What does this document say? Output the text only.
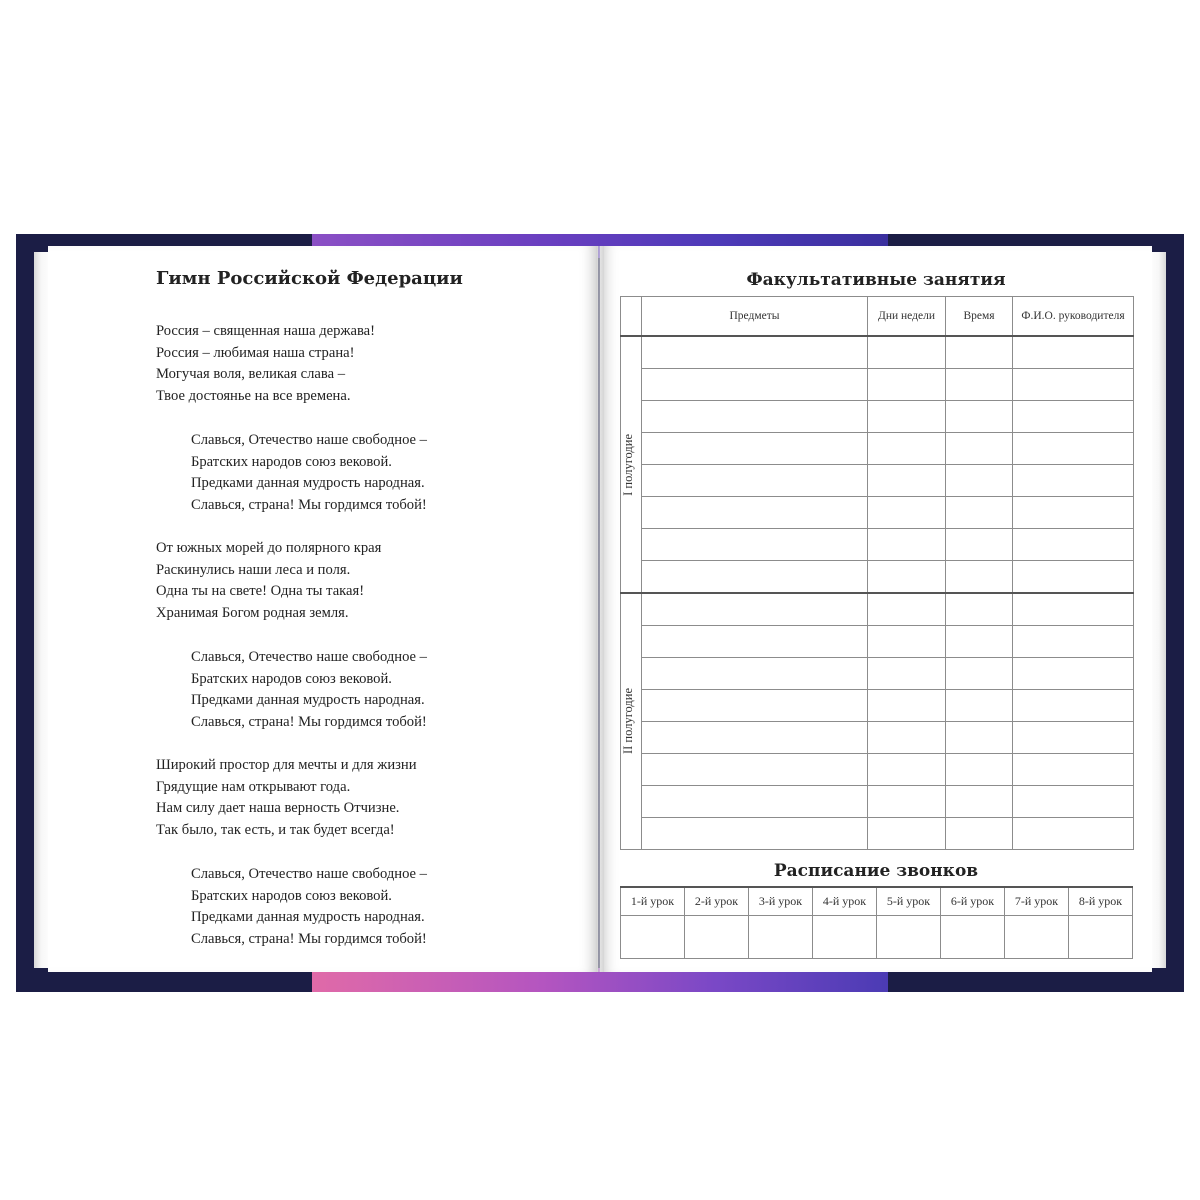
Гимн Российской Федерации
Россия – священная наша держава!
Россия – любимая наша страна!
Могучая воля, великая слава –
Твое достоянье на все времена.
Славься, Отечество наше свободное –
Братских народов союз вековой.
Предками данная мудрость народная.
Славься, страна! Мы гордимся тобой!
От южных морей до полярного края
Раскинулись наши леса и поля.
Одна ты на свете! Одна ты такая!
Хранимая Богом родная земля.
Славься, Отечество наше свободное –
Братских народов союз вековой.
Предками данная мудрость народная.
Славься, страна! Мы гордимся тобой!
Широкий простор для мечты и для жизни
Грядущие нам открывают года.
Нам силу дает наша верность Отчизне.
Так было, так есть, и так будет всегда!
Славься, Отечество наше свободное –
Братских народов союз вековой.
Предками данная мудрость народная.
Славься, страна! Мы гордимся тобой!
Факультативные занятия
	Предметы	Дни недели	Время	Ф.И.О. руководителя

I полугодие				

II полугодие				

Расписание звонков
1-й урок	2-й урок	3-й урок	4-й урок	5-й урок	6-й урок	7-й урок	8-й урок
